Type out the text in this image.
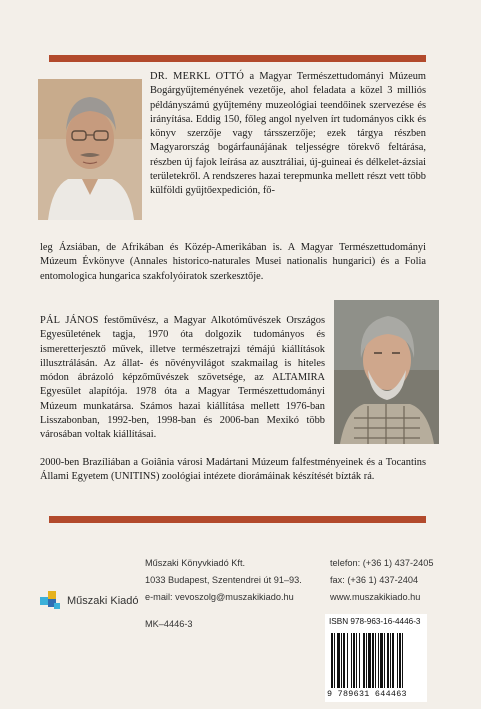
DR. MERKL OTTÓ a Magyar Természettudományi Múzeum Bogárgyűjteményének vezetője, ahol feladata a közel 3 milliós példányszámú gyűjtemény muzeológiai teendőinek szervezése és irányítása. Eddig 150, főleg angol nyelven írt tudományos cikk és könyv szerzője vagy társszerzője; ezek tárgya részben Magyarország bogárfaunájának teljességre törekvő feltárása, részben új fajok leírása az ausztráliai, új-guineai és délkelet-ázsiai területekről. A rendszeres hazai terepmunka mellett részt vett több külföldi gyűjtőexpedición, fő-

leg Ázsiában, de Afrikában és Közép-Amerikában is. A Magyar Természettudományi Múzeum Évkönyve (Annales historico-naturales Musei nationalis hungarici) és a Folia entomologica hungarica szakfolyóiratok szerkesztője.

PÁL JÁNOS festőművész, a Magyar Alkotóművészek Országos Egyesületének tagja, 1970 óta dolgozik tudományos és ismeretterjesztő művek, illetve természetrajzi témájú kiállítások illusztrálásán. Az állat- és növényvilágot szakmailag is hiteles módon ábrázoló képzőművészek szövetsége, az ALTAMIRA Egyesület alapítója. 1978 óta a Magyar Természettudományi Múzeum munkatársa. Számos hazai kiállítása mellett 1976-ban Lisszabonban, 1992-ben, 1998-ban és 2006-ban Mexikó több városában voltak kiállításai.

2000-ben Brazíliában a Goiânia városi Madártani Múzeum falfestményeinek és a Tocantins Állami Egyetem (UNITINS) zoológiai intézete diorámáinak készítését bízták rá.

Műszaki Kiadó
Műszaki Könyvkiadó Kft.
1033 Budapest, Szentendrei út 91–93.
e-mail: vevoszolg@muszakikiado.hu
telefon: (+36 1) 437-2405
fax: (+36 1) 437-2404
www.muszakikiado.hu
MK–4446-3	ISBN 978-963-16-4446-3
9 789631 644463
